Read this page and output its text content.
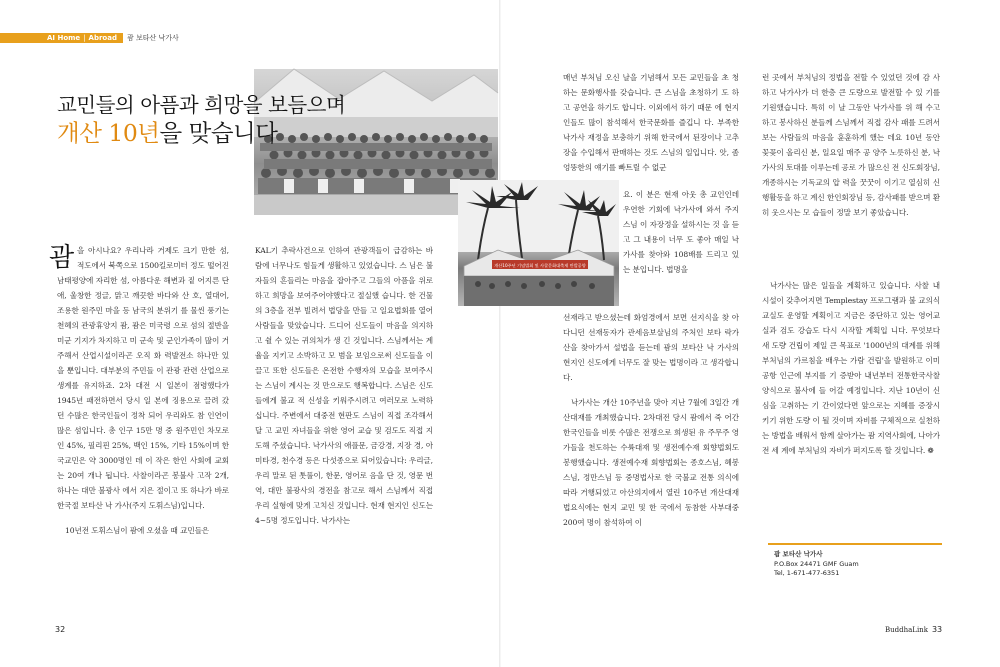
AI Home | Abroad 괌 보타산 낙가사
개산10주년 기념법회 및 사찰문화대축제 만발공양
교민들의 아픔과 희망을 보듬으며
개산 10년을 맞습니다

괌을 아시나요? 우리나라 거제도 크기 만한 섬, 적도에서 북쪽으로 1500킬로미터 정도 떨어진 남태평양에 자리한 섬, 아름다운 해변과 짙 어지른 단애, 울창한 정글, 맑고 깨끗한 바다와 산 호, 열대어, 조용한 원주민 마을 등 남국의 분위기 를 물씬 풍기는 천혜의 관광휴양지 괌, 괌은 미국령 으로 섬의 절반을 미군 기지가 차지하고 미 군속 및 군인가족이 많이 거주해서 산업시설이라곤 오직 화 력발전소 하나만 있을 뿐입니다. 대부분의 주민들 이 관광 관련 산업으로 생계를 유지하죠. 2차 대전 시 일본이 점령했다가 1945년 패전하면서 당시 일 본에 징용으로 끌려 갔던 수많은 한국인들이 정착 되어 우리와도 참 인연이 많은 섬입니다. 총 인구 15만 명 중 원주민인 차모로인 45%, 필리핀 25%, 백인 15%, 기타 15%이며 한국교민은 약 3000명인 데 이 작은 한인 사회에 교회는 20여 개나 됩니다. 사찰이라곤 봉불사 고작 2개, 하나는 대만 불광사 에서 지은 절이고 또 하나가 바로 한국절 보타산 낙 가사(주지 도휘스님)입니다.

10년전 도휘스님이 괌에 오셨을 때 교민들은

KAL기 추락사건으로 인하여 관광객들이 급감하는 바람에 너무나도 힘들게 생활하고 있었습니다. 스 님은 불자들의 흔들리는 마음을 잡아주고 그들의 아픔을 위로하고 희망을 보여주어야했다고 절실했 습니다. 한 건물의 3층을 전부 빌려서 법당을 만들 고 일요법회를 열어 사람들을 맞았습니다. 드디어 신도들이 마음을 의지하고 쉴 수 있는 귀의처가 생 긴 것입니다. 스님께서는 계율을 지키고 소박하고 모 범을 보임으로써 신도들을 이끌고 또한 신도들은 온전한 수행자의 모습을 보여주시는 스님이 계시는 것 만으로도 행복합니다. 스님은 신도들에게 불교 적 신성을 키워주시려고 여러모로 노력하십니다. 주변에서 대중전 현판도 스님이 직접 조각해서 달 고 교민 자녀들을 위한 영어 교습 및 검도도 직접 지도해 주셨습니다. 낙가사의 애플문, 금강경, 지장 경, 아미타경, 천수경 등은 다섯종으로 되어있습니다: 우리글, 우리 말로 된 톳풀이, 한문, 영어로 음을 단 것, 영문 번역, 대만 불광사의 경전을 참고로 해서 스님께서 직접 우리 실형에 맞게 고치신 것입니다. 현재 현지인 신도는 4~5명 정도입니다. 낙가사는

매년 부처님 오신 날을 기념해서 모든 교민들을 초 청하는 문화행사를 갖습니다. 큰 스님을 초청하기 도 하고 공연을 하기도 합니다. 이외에서 하기 때문 에 현지인들도 많이 참석해서 한국문화를 즐깁니 다. 부족한 낙가사 재정을 보충하기 위해 한국에서 된장이나 고추장을 수입해서 판매하는 것도 스님의 일입니다. 앗, 좀 엉뚱한의 얘기를 빠트릴 수 없군

요. 이 분은 현재 아웃 총 교인인데 우연한 기회에 낙가사에 와서 주지스님 이 자장정을 설하시는 것 을 듣고 그 내용이 너무 도 좋아 매일 낙가사를 찾아와 108배를 드리고 있는 분입니다. 법명을

선재라고 받으셨는데 화엄경에서 보면 선지식을 찾 아 다니던 선재동자가 관세음보살님의 주처인 보타 락가산을 찾아가서 설법을 듣는데 괌의 보타산 낙 가사의 현지인 신도에게 너무도 잘 맞는 법명이라 고 생각합니다.

낙가사는 개산 10주년을 맞아 지난 7월에 3일간 개산대재를 개최했습니다. 2차대전 당시 괌에서 죽 어간 한국인들을 비롯 수많은 전쟁으로 희생된 유 주무주 영가들을 천도하는 수륙대재 및 생전예수재 회향법회도 봉행했습니다. 생전예수재 회향법회는 종호스님, 혜봉스님, 정만스님 등 중명법사로 한 국불교 전통 의식에 따라 거행되었고 아산의지에서 열린 10주년 개산대재 법요식에는 현지 교민 및 한 국에서 동참한 사부대중 200여 명이 참석하여 이

런 곳에서 부처님의 정법을 전할 수 있었던 것에 감 사하고 낙가사가 더 한층 큰 도량으로 발전할 수 있 기를 기원했습니다. 특히 이 날 그동안 낙가사를 위 해 수고하고 봉사하신 분들께 스님께서 직접 감사 패를 드려서 보는 사람들의 마음을 훈훈하게 했는 데요 10년 동안 꽃꽂이 올리신 분, 일요일 매주 공 양주 노릇하신 분, 낙가사의 토대를 이루는데 공로 가 많으신 전 신도회장님, 개종하시는 기독교의 압 력을 꿋꿋이 이기고 열심히 신행활동을 하고 계신 한인회장님 등, 감사패를 받으며 환히 웃으시는 모 습들이 정말 보기 좋았습니다.

낙가사는 많은 일들을 계획하고 있습니다. 사찰 내 시설이 갖추어지면 Templestay 프로그램과 불 교의식 교실도 운영할 계획이고 지금은 중단하고 있는 영어교실과 검도 강습도 다시 시작할 계획입 니다. 무엇보다 새 도량 건립이 제일 큰 목표로 '1000년의 대계를 위해 부처님의 가르침을 배우는 가람 건립'을 발원하고 이미 공항 인근에 부지를 기 증받아 내년부터 전통한국사찰 양식으로 불사에 들 어갈 예정입니다. 지난 10년이 신심을 고취하는 기 간이었다면 앞으로는 지혜를 증장시키기 위한 도량 이 될 것이며 자비를 구체적으로 실천하는 방법을 배워서 함께 살아가는 괌 지역사회에, 나아가 전 세 계에 부처님의 자비가 퍼지도록 할 것입니다. ❁

괌 보타산 낙가사
P.O.Box 24471 GMF Guam
Tel, 1-671-477-6351
32	BuddhaLink 33
